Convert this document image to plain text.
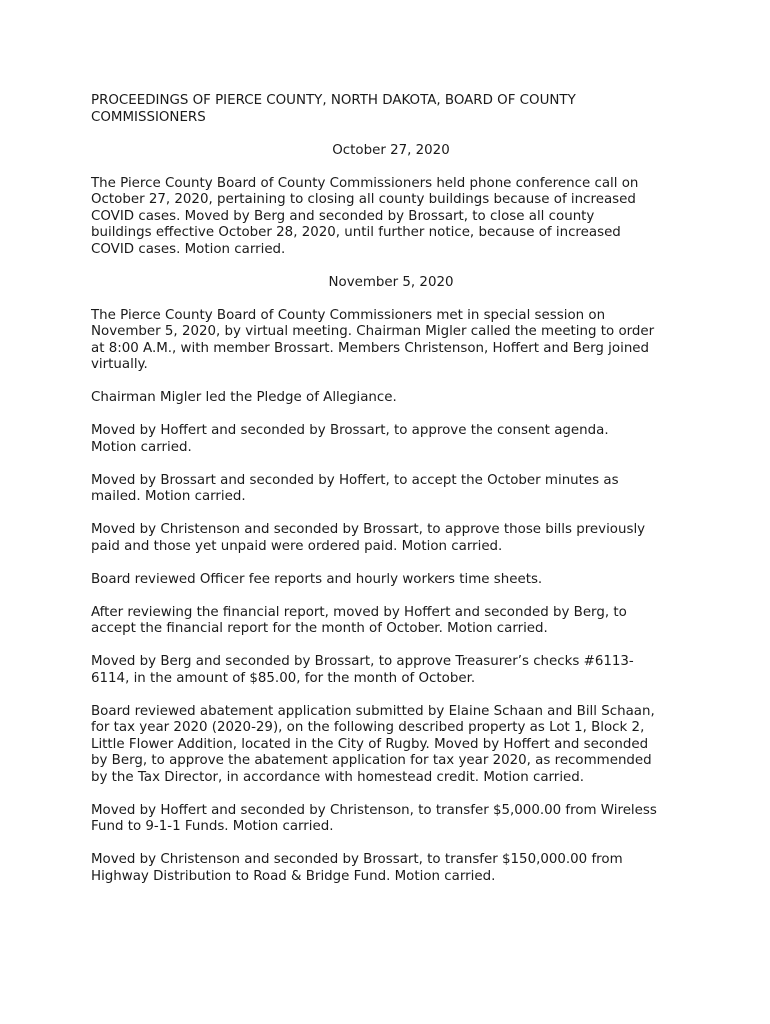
PROCEEDINGS OF PIERCE COUNTY, NORTH DAKOTA, BOARD OF COUNTY
COMMISSIONERS
October 27, 2020
The Pierce County Board of County Commissioners held phone conference call on
October 27, 2020, pertaining to closing all county buildings because of increased
COVID cases. Moved by Berg and seconded by Brossart, to close all county
buildings effective October 28, 2020, until further notice, because of increased
COVID cases. Motion carried.
November 5, 2020
The Pierce County Board of County Commissioners met in special session on
November 5, 2020, by virtual meeting. Chairman Migler called the meeting to order
at 8:00 A.M., with member Brossart. Members Christenson, Hoffert and Berg joined
virtually.
Chairman Migler led the Pledge of Allegiance.
Moved by Hoffert and seconded by Brossart, to approve the consent agenda.
Motion carried.
Moved by Brossart and seconded by Hoffert, to accept the October minutes as
mailed. Motion carried.
Moved by Christenson and seconded by Brossart, to approve those bills previously
paid and those yet unpaid were ordered paid. Motion carried.
Board reviewed Officer fee reports and hourly workers time sheets.
After reviewing the financial report, moved by Hoffert and seconded by Berg, to
accept the financial report for the month of October. Motion carried.
Moved by Berg and seconded by Brossart, to approve Treasurer’s checks #6113-
6114, in the amount of $85.00, for the month of October.
Board reviewed abatement application submitted by Elaine Schaan and Bill Schaan,
for tax year 2020 (2020-29), on the following described property as Lot 1, Block 2,
Little Flower Addition, located in the City of Rugby. Moved by Hoffert and seconded
by Berg, to approve the abatement application for tax year 2020, as recommended
by the Tax Director, in accordance with homestead credit. Motion carried.
Moved by Hoffert and seconded by Christenson, to transfer $5,000.00 from Wireless
Fund to 9-1-1 Funds. Motion carried.
Moved by Christenson and seconded by Brossart, to transfer $150,000.00 from
Highway Distribution to Road & Bridge Fund. Motion carried.
